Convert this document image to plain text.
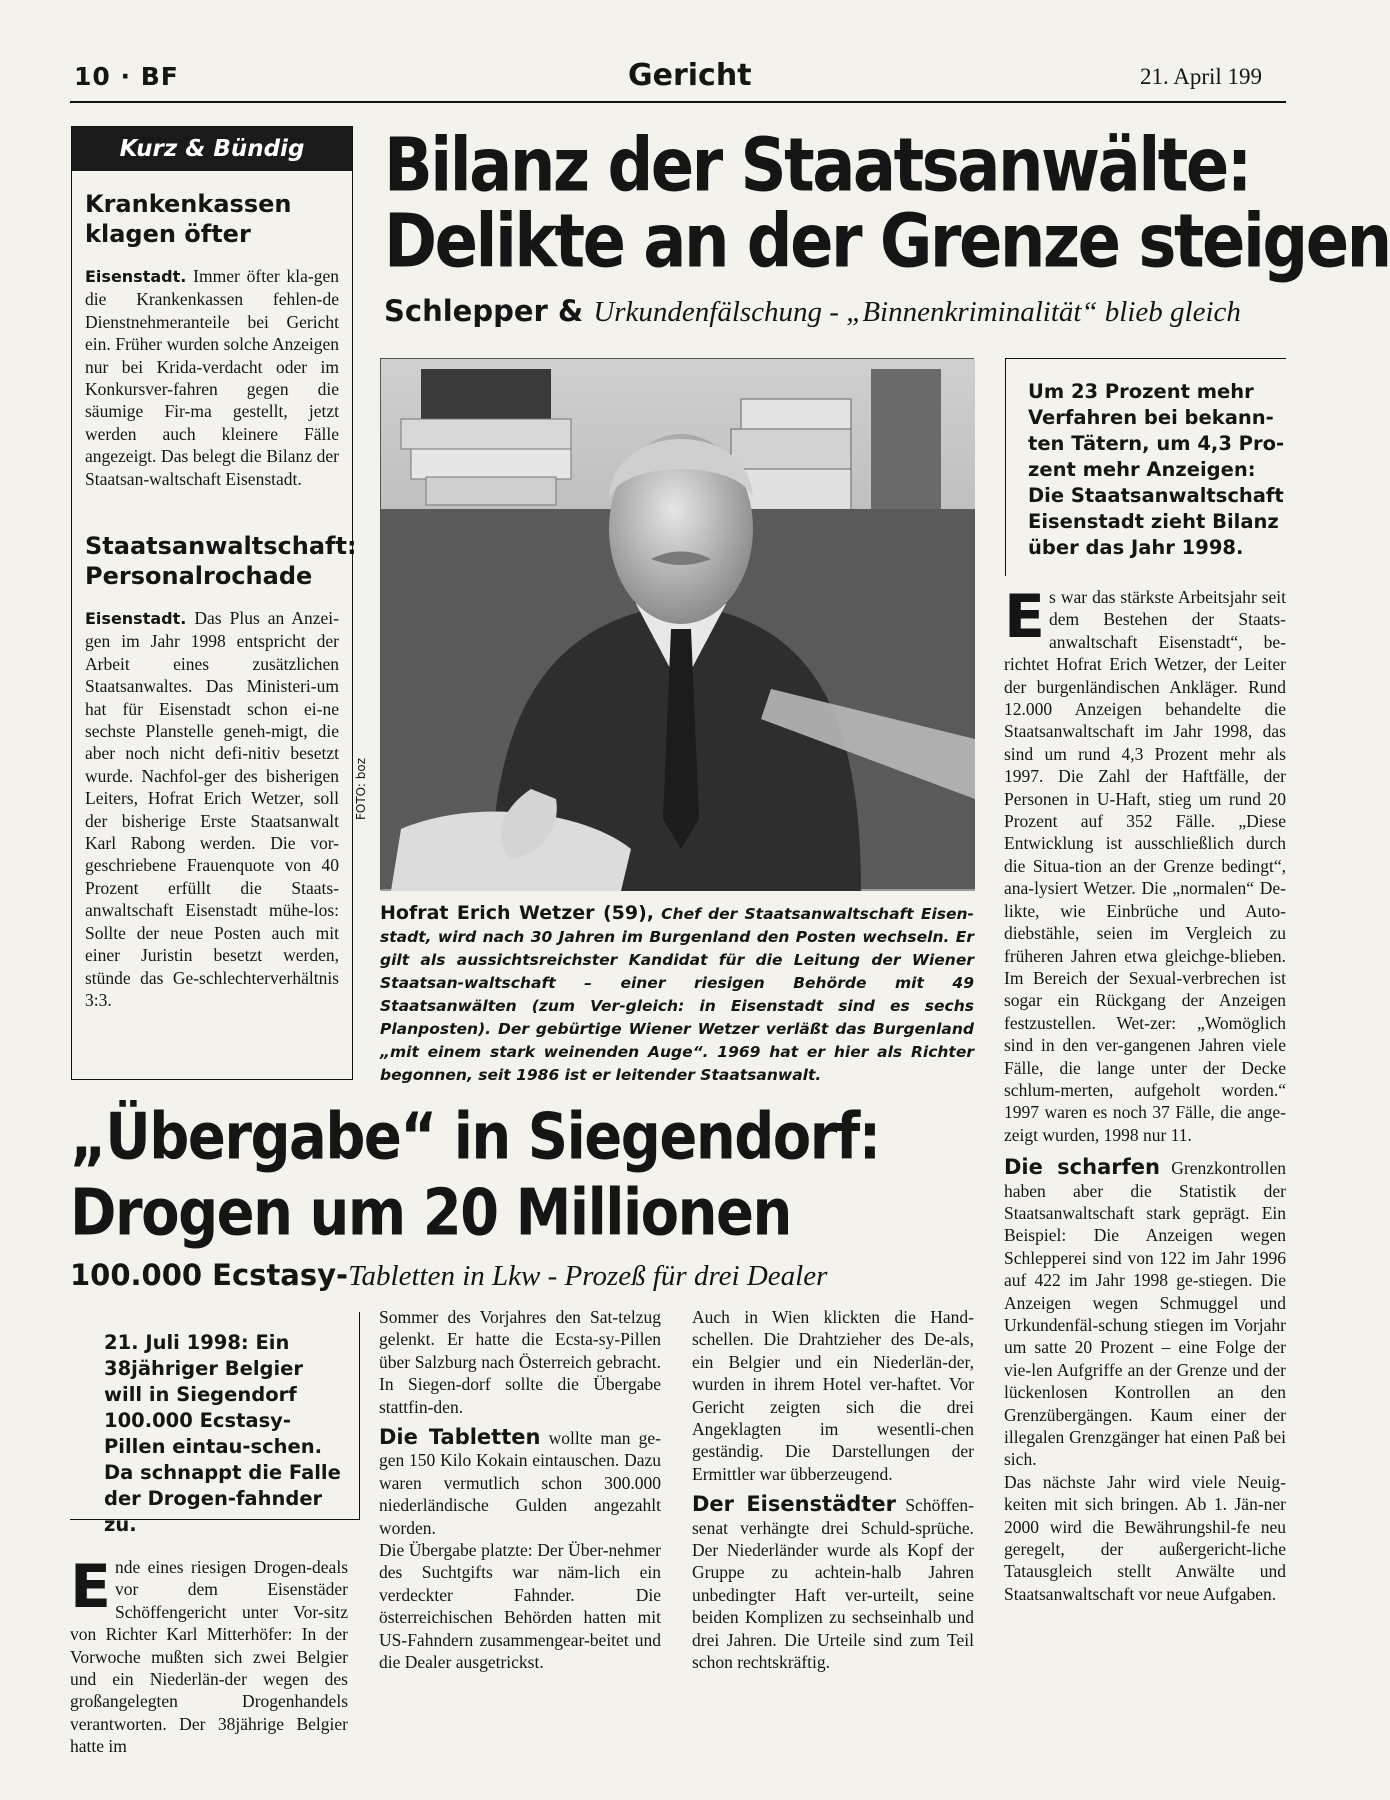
10 · BF	Gericht	21. April 199
Kurz & Bündig
Krankenkassen klagen öfter
Eisenstadt. Immer öfter kla-gen die Krankenkassen fehlen-de Dienstnehmeranteile bei Gericht ein. Früher wurden solche Anzeigen nur bei Krida-verdacht oder im Konkursver-fahren gegen die säumige Fir-ma gestellt, jetzt werden auch kleinere Fälle angezeigt. Das belegt die Bilanz der Staatsan-waltschaft Eisenstadt.
Staatsanwaltschaft: Personalrochade
Eisenstadt. Das Plus an Anzei-gen im Jahr 1998 entspricht der Arbeit eines zusätzlichen Staatsanwaltes. Das Ministeri-um hat für Eisenstadt schon ei-ne sechste Planstelle geneh-migt, die aber noch nicht defi-nitiv besetzt wurde. Nachfol-ger des bisherigen Leiters, Hofrat Erich Wetzer, soll der bisherige Erste Staatsanwalt Karl Rabong werden. Die vor-geschriebene Frauenquote von 40 Prozent erfüllt die Staats-anwaltschaft Eisenstadt mühe-los: Sollte der neue Posten auch mit einer Juristin besetzt werden, stünde das Ge-schlechterverhältnis 3:3.
Bilanz der Staatsanwälte:
Delikte an der Grenze steigen
Schlepper & Urkundenfälschung - „Binnenkriminalität“ blieb gleich
FOTO: boz
Hofrat Erich Wetzer (59), Chef der Staatsanwaltschaft Eisen-stadt, wird nach 30 Jahren im Burgenland den Posten wechseln. Er gilt als aussichtsreichster Kandidat für die Leitung der Wiener Staatsan-waltschaft – einer riesigen Behörde mit 49 Staatsanwälten (zum Ver-gleich: in Eisenstadt sind es sechs Planposten). Der gebürtige Wiener Wetzer verläßt das Burgenland „mit einem stark weinenden Auge“. 1969 hat er hier als Richter begonnen, seit 1986 ist er leitender Staatsanwalt.
Um 23 Prozent mehr Verfahren bei bekann-ten Tätern, um 4,3 Pro-zent mehr Anzeigen: Die Staatsanwaltschaft Eisenstadt zieht Bilanz über das Jahr 1998.

Es war das stärkste Arbeitsjahr seit dem Bestehen der Staats-anwaltschaft Eisenstadt“, be-richtet Hofrat Erich Wetzer, der Leiter der burgenländischen Ankläger. Rund 12.000 Anzeigen behandelte die Staatsanwaltschaft im Jahr 1998, das sind um rund 4,3 Prozent mehr als 1997. Die Zahl der Haftfälle, der Personen in U-Haft, stieg um rund 20 Prozent auf 352 Fälle. „Diese Entwicklung ist ausschließlich durch die Situa-tion an der Grenze bedingt“, ana-lysiert Wetzer. Die „normalen“ De-likte, wie Einbrüche und Auto-diebstähle, seien im Vergleich zu früheren Jahren etwa gleichge-blieben. Im Bereich der Sexual-verbrechen ist sogar ein Rückgang der Anzeigen festzustellen. Wet-zer: „Womöglich sind in den ver-gangenen Jahren viele Fälle, die lange unter der Decke schlum-merten, aufgeholt worden.“ 1997 waren es noch 37 Fälle, die ange-zeigt wurden, 1998 nur 11.

Die scharfen Grenzkontrollen haben aber die Statistik der Staatsanwaltschaft stark geprägt. Ein Beispiel: Die Anzeigen wegen Schlepperei sind von 122 im Jahr 1996 auf 422 im Jahr 1998 ge-stiegen. Die Anzeigen wegen Schmuggel und Urkundenfäl-schung stiegen im Vorjahr um satte 20 Prozent – eine Folge der vie-len Aufgriffe an der Grenze und der lückenlosen Kontrollen an den Grenzübergängen. Kaum einer der illegalen Grenzgänger hat einen Paß bei sich.

Das nächste Jahr wird viele Neuig-keiten mit sich bringen. Ab 1. Jän-ner 2000 wird die Bewährungshil-fe neu geregelt, der außergericht-liche Tatausgleich stellt Anwälte und Staatsanwaltschaft vor neue Aufgaben.

„Übergabe“ in Siegendorf:
Drogen um 20 Millionen
100.000 Ecstasy-Tabletten in Lkw - Prozeß für drei Dealer
21. Juli 1998: Ein 38jähriger Belgier will in Siegendorf 100.000 Ecstasy-Pillen eintau-schen. Da schnappt die Falle der Drogen-fahnder zu.

Ende eines riesigen Drogen-deals vor dem Eisenstäder Schöffengericht unter Vor-sitz von Richter Karl Mitterhöfer: In der Vorwoche mußten sich zwei Belgier und ein Niederlän-der wegen des großangelegten Drogenhandels verantworten. Der 38jährige Belgier hatte im

Sommer des Vorjahres den Sat-telzug gelenkt. Er hatte die Ecsta-sy-Pillen über Salzburg nach Österreich gebracht. In Siegen-dorf sollte die Übergabe stattfin-den.

Die Tabletten wollte man ge-gen 150 Kilo Kokain eintauschen. Dazu waren vermutlich schon 300.000 niederländische Gulden angezahlt worden.

Die Übergabe platzte: Der Über-nehmer des Suchtgifts war näm-lich ein verdeckter Fahnder. Die österreichischen Behörden hatten mit US-Fahndern zusammengear-beitet und die Dealer ausgetrickst.

Auch in Wien klickten die Hand-schellen. Die Drahtzieher des De-als, ein Belgier und ein Niederlän-der, wurden in ihrem Hotel ver-haftet. Vor Gericht zeigten sich die drei Angeklagten im wesentli-chen geständig. Die Darstellungen der Ermittler war übberzeugend.

Der Eisenstädter Schöffen-senat verhängte drei Schuld-sprüche. Der Niederländer wurde als Kopf der Gruppe zu achtein-halb Jahren unbedingter Haft ver-urteilt, seine beiden Komplizen zu sechseinhalb und drei Jahren. Die Urteile sind zum Teil schon rechtskräftig.
